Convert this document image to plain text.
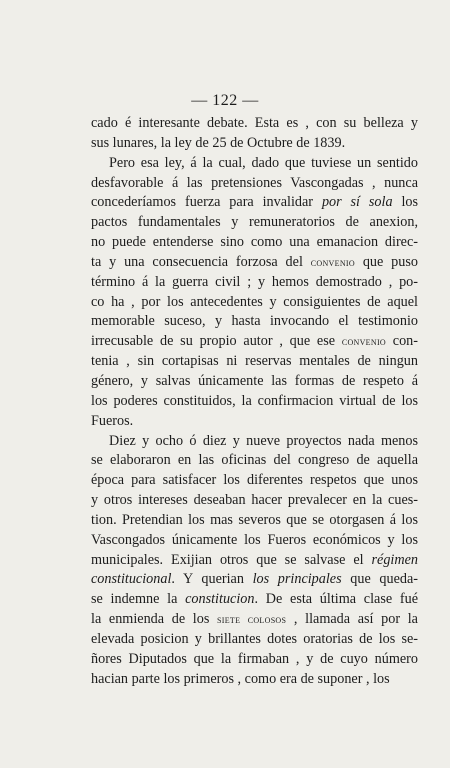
— 122 —

cado é interesante debate. Esta es , con su belleza y
sus lunares, la ley de 25 de Octubre de 1839.

Pero esa ley, á la cual, dado que tuviese un sentido
desfavorable á las pretensiones Vascongadas , nunca
concederíamos fuerza para invalidar por sí sola los
pactos fundamentales y remuneratorios de anexion,
no puede entenderse sino como una emanacion direc-
ta y una consecuencia forzosa del convenio que puso
término á la guerra civil ; y hemos demostrado , po-
co ha , por los antecedentes y consiguientes de aquel
memorable suceso, y hasta invocando el testimonio
irrecusable de su propio autor , que ese convenio con-
tenia , sin cortapisas ni reservas mentales de ningun
género, y salvas únicamente las formas de respeto á
los poderes constituidos, la confirmacion virtual de los
Fueros.

Diez y ocho ó diez y nueve proyectos nada menos
se elaboraron en las oficinas del congreso de aquella
época para satisfacer los diferentes respetos que unos
y otros intereses deseaban hacer prevalecer en la cues-
tion. Pretendian los mas severos que se otorgasen á los
Vascongados únicamente los Fueros económicos y los
municipales. Exijian otros que se salvase el régimen
constitucional. Y querian los principales que queda-
se indemne la constitucion. De esta última clase fué
la enmienda de los siete colosos , llamada así por la
elevada posicion y brillantes dotes oratorias de los se-
ñores Diputados que la firmaban , y de cuyo número
hacian parte los primeros , como era de suponer , los
